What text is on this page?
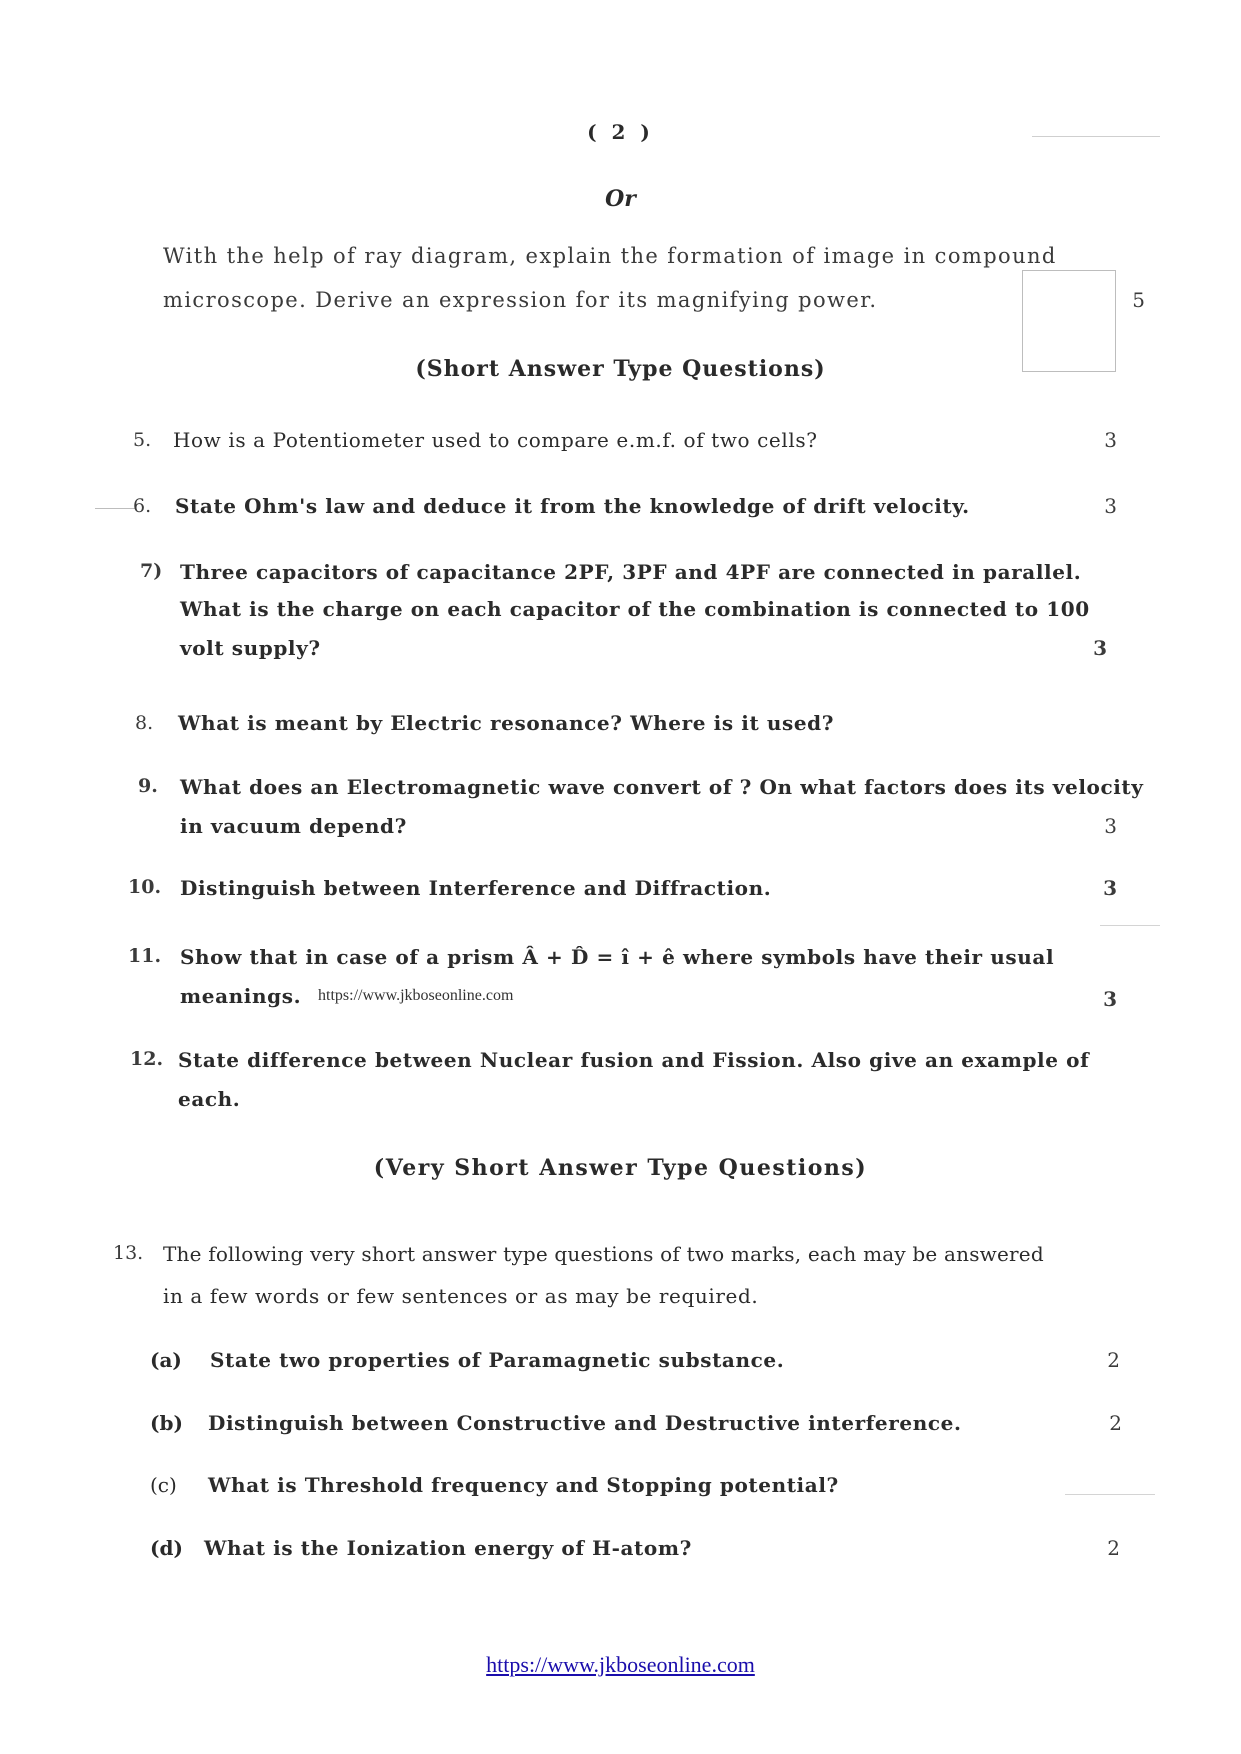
( 2 )
Or
With the help of ray diagram, explain the formation of image in compound
microscope. Derive an expression for its magnifying power.	5
(Short Answer Type Questions)
5.	How is a Potentiometer used to compare e.m.f. of two cells?	3
6.	State Ohm's law and deduce it from the knowledge of drift velocity.	3
7) Three capacitors of capacitance 2PF, 3PF and 4PF are connected in parallel.
What is the charge on each capacitor of the combination is connected to 100
volt supply?	3
8.	What is meant by Electric resonance? Where is it used?
9.	What does an Electromagnetic wave convert of ? On what factors does its velocity
in vacuum depend?	3
10. Distinguish between Interference and Diffraction.	3
11. Show that in case of a prism Â + D̂ = î + ê where symbols have their usual
meanings. https://www.jkboseonline.com	3
12. State difference between Nuclear fusion and Fission. Also give an example of
each.
(Very Short Answer Type Questions)
13. The following very short answer type questions of two marks, each may be answered
in a few words or few sentences or as may be required.
(a)	State two properties of Paramagnetic substance.	2
(b)	Distinguish between Constructive and Destructive interference.	2
(c)	What is Threshold frequency and Stopping potential?
(d)	What is the Ionization energy of H-atom?	2
https://www.jkboseonline.com
